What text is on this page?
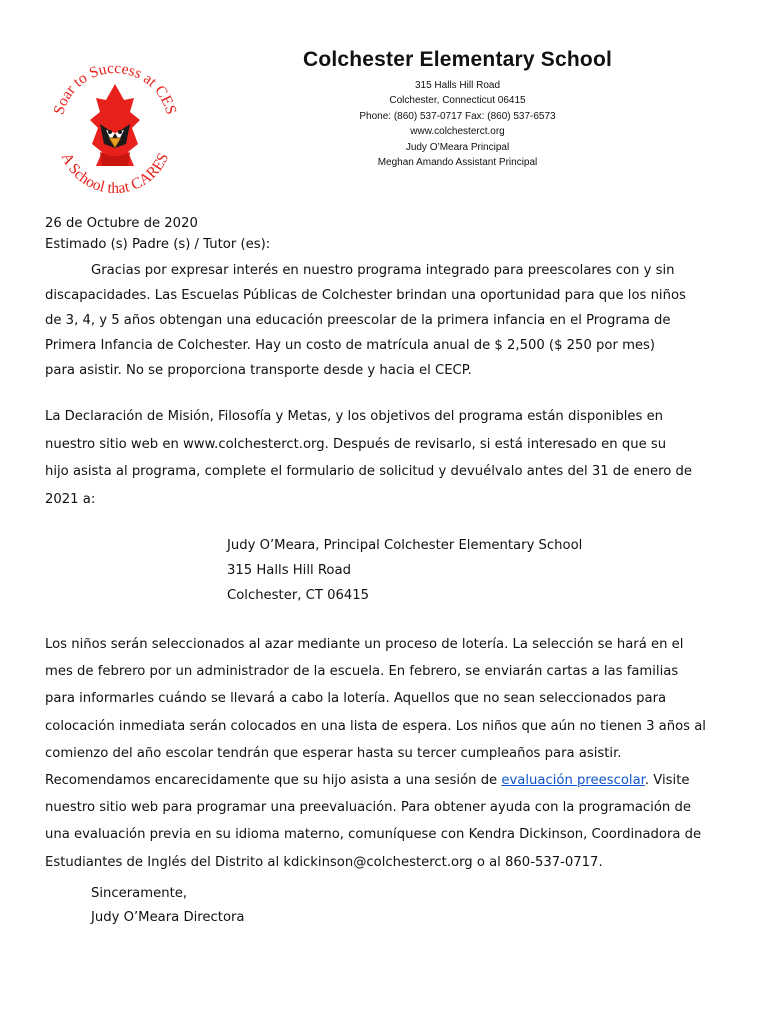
Soar to Success at CES
A School that CARES
Colchester Elementary School
315 Halls Hill Road
Colchester, Connecticut 06415
Phone: (860) 537-0717 Fax: (860) 537-6573
www.colchesterct.org
Judy O’Meara Principal
Meghan Amando Assistant Principal
26 de Octubre de 2020
Estimado (s) Padre (s) / Tutor (es):
Gracias por expresar interés en nuestro programa integrado para preescolares con y sin
discapacidades. Las Escuelas Públicas de Colchester brindan una oportunidad para que los niños
de 3, 4, y 5 años obtengan una educación preescolar de la primera infancia en el Programa de
Primera Infancia de Colchester. Hay un costo de matrícula anual de $ 2,500 ($ 250 por mes)
para asistir. No se proporciona transporte desde y hacia el CECP.
La Declaración de Misión, Filosofía y Metas, y los objetivos del programa están disponibles en
nuestro sitio web en www.colchesterct.org. Después de revisarlo, si está interesado en que su
hijo asista al programa, complete el formulario de solicitud y devuélvalo antes del 31 de enero de
2021 a:
Judy O’Meara, Principal Colchester Elementary School
315 Halls Hill Road
Colchester, CT 06415
Los niños serán seleccionados al azar mediante un proceso de lotería. La selección se hará en el
mes de febrero por un administrador de la escuela. En febrero, se enviarán cartas a las familias
para informarles cuándo se llevará a cabo la lotería. Aquellos que no sean seleccionados para
colocación inmediata serán colocados en una lista de espera. Los niños que aún no tienen 3 años al
comienzo del año escolar tendrán que esperar hasta su tercer cumpleaños para asistir.
Recomendamos encarecidamente que su hijo asista a una sesión de evaluación preescolar. Visite
nuestro sitio web para programar una preevaluación. Para obtener ayuda con la programación de
una evaluación previa en su idioma materno, comuníquese con Kendra Dickinson, Coordinadora de
Estudiantes de Inglés del Distrito al kdickinson@colchesterct.org o al 860-537-0717.
Sinceramente,
Judy O’Meara Directora
